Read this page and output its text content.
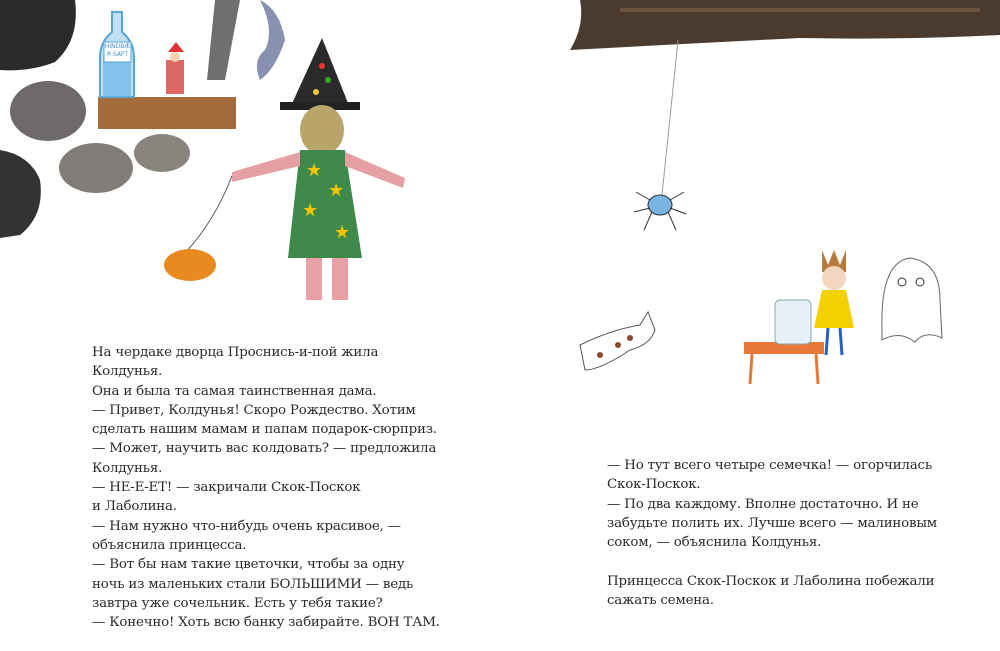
★
★
★
★
HINDBÆR SAFT
На чердаке дворца Проснись-и-пой жила
Колдунья.
Она и была та самая таинственная дама.
— Привет, Колдунья! Скоро Рождество. Хотим
сделать нашим мамам и папам подарок-сюрприз.
— Может, научить вас колдовать? — предложила
Колдунья.
— НЕ-Е-ЕТ! — закричали Скок-Поскок
и Лаболина.
— Нам нужно что-нибудь очень красивое, —
объяснила принцесса.
— Вот бы нам такие цветочки, чтобы за одну
ночь из маленьких стали БОЛЬШИМИ — ведь
завтра уже сочельник. Есть у тебя такие?
— Конечно! Хоть всю банку забирайте. ВОН ТАМ.
— Но тут всего четыре семечка! — огорчилась
Скок-Поскок.
— По два каждому. Вполне достаточно. И не
забудьте полить их. Лучше всего — малиновым
соком, — объяснила Колдунья.
Принцесса Скок-Поскок и Лаболина побежали
сажать семена.
